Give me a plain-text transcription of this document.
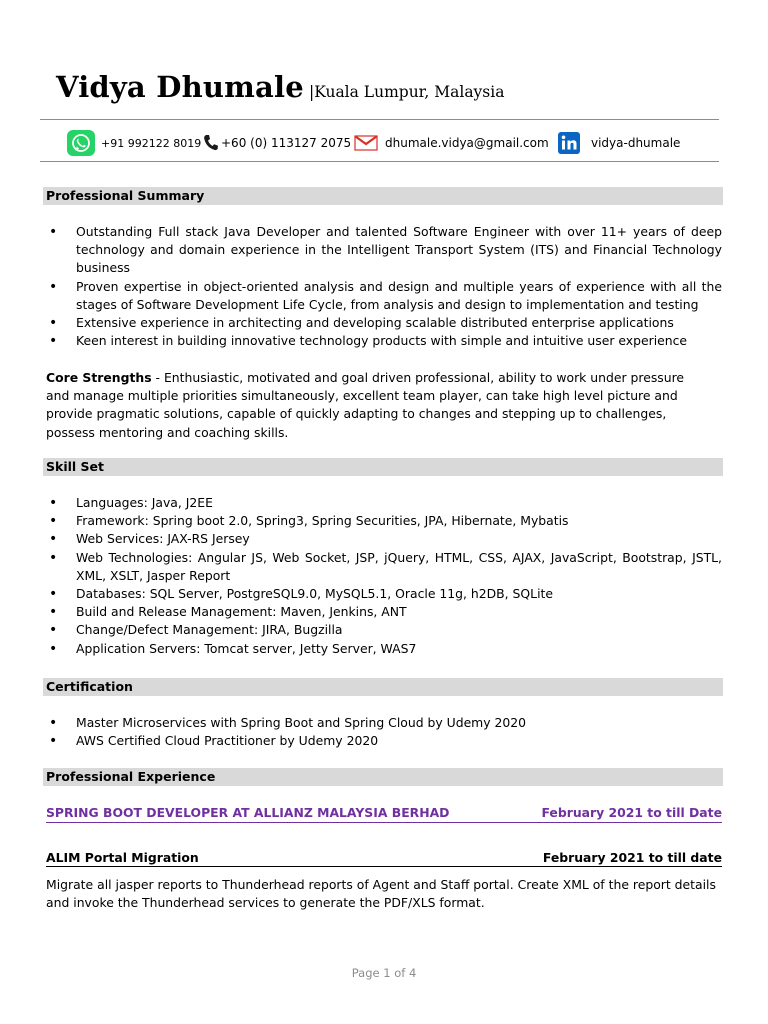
Vidya Dhumale |Kuala Lumpur, Malaysia
+91 992122 8019 +60 (0) 113127 2075	dhumale.vidya@gmail.com	vidya-dhumale
Professional Summary
• Outstanding Full stack Java Developer and talented Software Engineer with over 11+ years of deep technology and domain experience in the Intelligent Transport System (ITS) and Financial Technology business
• Proven expertise in object-oriented analysis and design and multiple years of experience with all the stages of Software Development Life Cycle, from analysis and design to implementation and testing
• Extensive experience in architecting and developing scalable distributed enterprise applications
• Keen interest in building innovative technology products with simple and intuitive user experience
Core Strengths - Enthusiastic, motivated and goal driven professional, ability to work under pressure and manage multiple priorities simultaneously, excellent team player, can take high level picture and provide pragmatic solutions, capable of quickly adapting to changes and stepping up to challenges, possess mentoring and coaching skills.
Skill Set
• Languages: Java, J2EE
• Framework: Spring boot 2.0, Spring3, Spring Securities, JPA, Hibernate, Mybatis
• Web Services: JAX-RS Jersey
• Web Technologies: Angular JS, Web Socket, JSP, jQuery, HTML, CSS, AJAX, JavaScript, Bootstrap, JSTL, XML, XSLT, Jasper Report
• Databases: SQL Server, PostgreSQL9.0, MySQL5.1, Oracle 11g, h2DB, SQLite
• Build and Release Management: Maven, Jenkins, ANT
• Change/Defect Management: JIRA, Bugzilla
• Application Servers: Tomcat server, Jetty Server, WAS7
Certification
• Master Microservices with Spring Boot and Spring Cloud by Udemy 2020
• AWS Certified Cloud Practitioner by Udemy 2020
Professional Experience
SPRING BOOT DEVELOPER AT ALLIANZ MALAYSIA BERHAD	February 2021 to till Date
ALIM Portal Migration	February 2021 to till date
Migrate all jasper reports to Thunderhead reports of Agent and Staff portal. Create XML of the report details and invoke the Thunderhead services to generate the PDF/XLS format.
Page 1 of 4
